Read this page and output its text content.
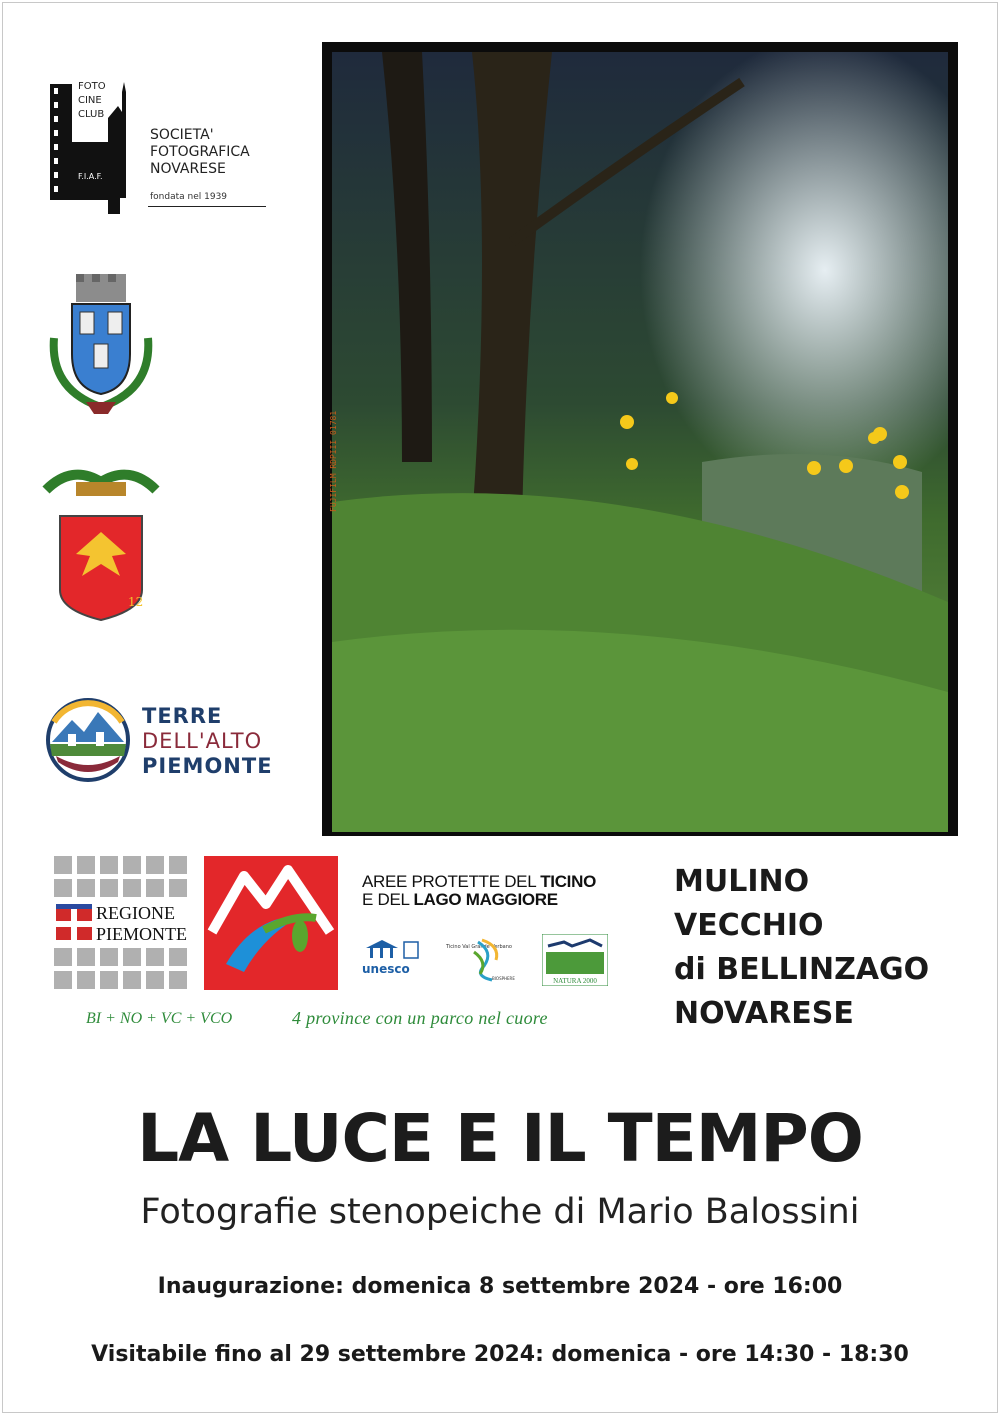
FOTO
CINE
CLUB
F.I.A.F.
SOCIETA'
FOTOGRAFICA
NOVARESE
fondata nel 1939
12
TERRE
DELL'ALTO
PIEMONTE
FUJIFILM RDPIII 01781
REGIONE
PIEMONTE
AREE PROTETTE DEL TICINO
E DEL LAGO MAGGIORE
unesco
Ticino Val Grande Verbano
BIOSPHERE	NATURA 2000
BI + NO + VC + VCO	4 province con un parco nel cuore
MULINO
VECCHIO
di BELLINZAGO
NOVARESE
LA LUCE E IL TEMPO
Fotografie stenopeiche di Mario Balossini
Inaugurazione: domenica 8 settembre 2024 - ore 16:00
Visitabile fino al 29 settembre 2024: domenica - ore 14:30 - 18:30
